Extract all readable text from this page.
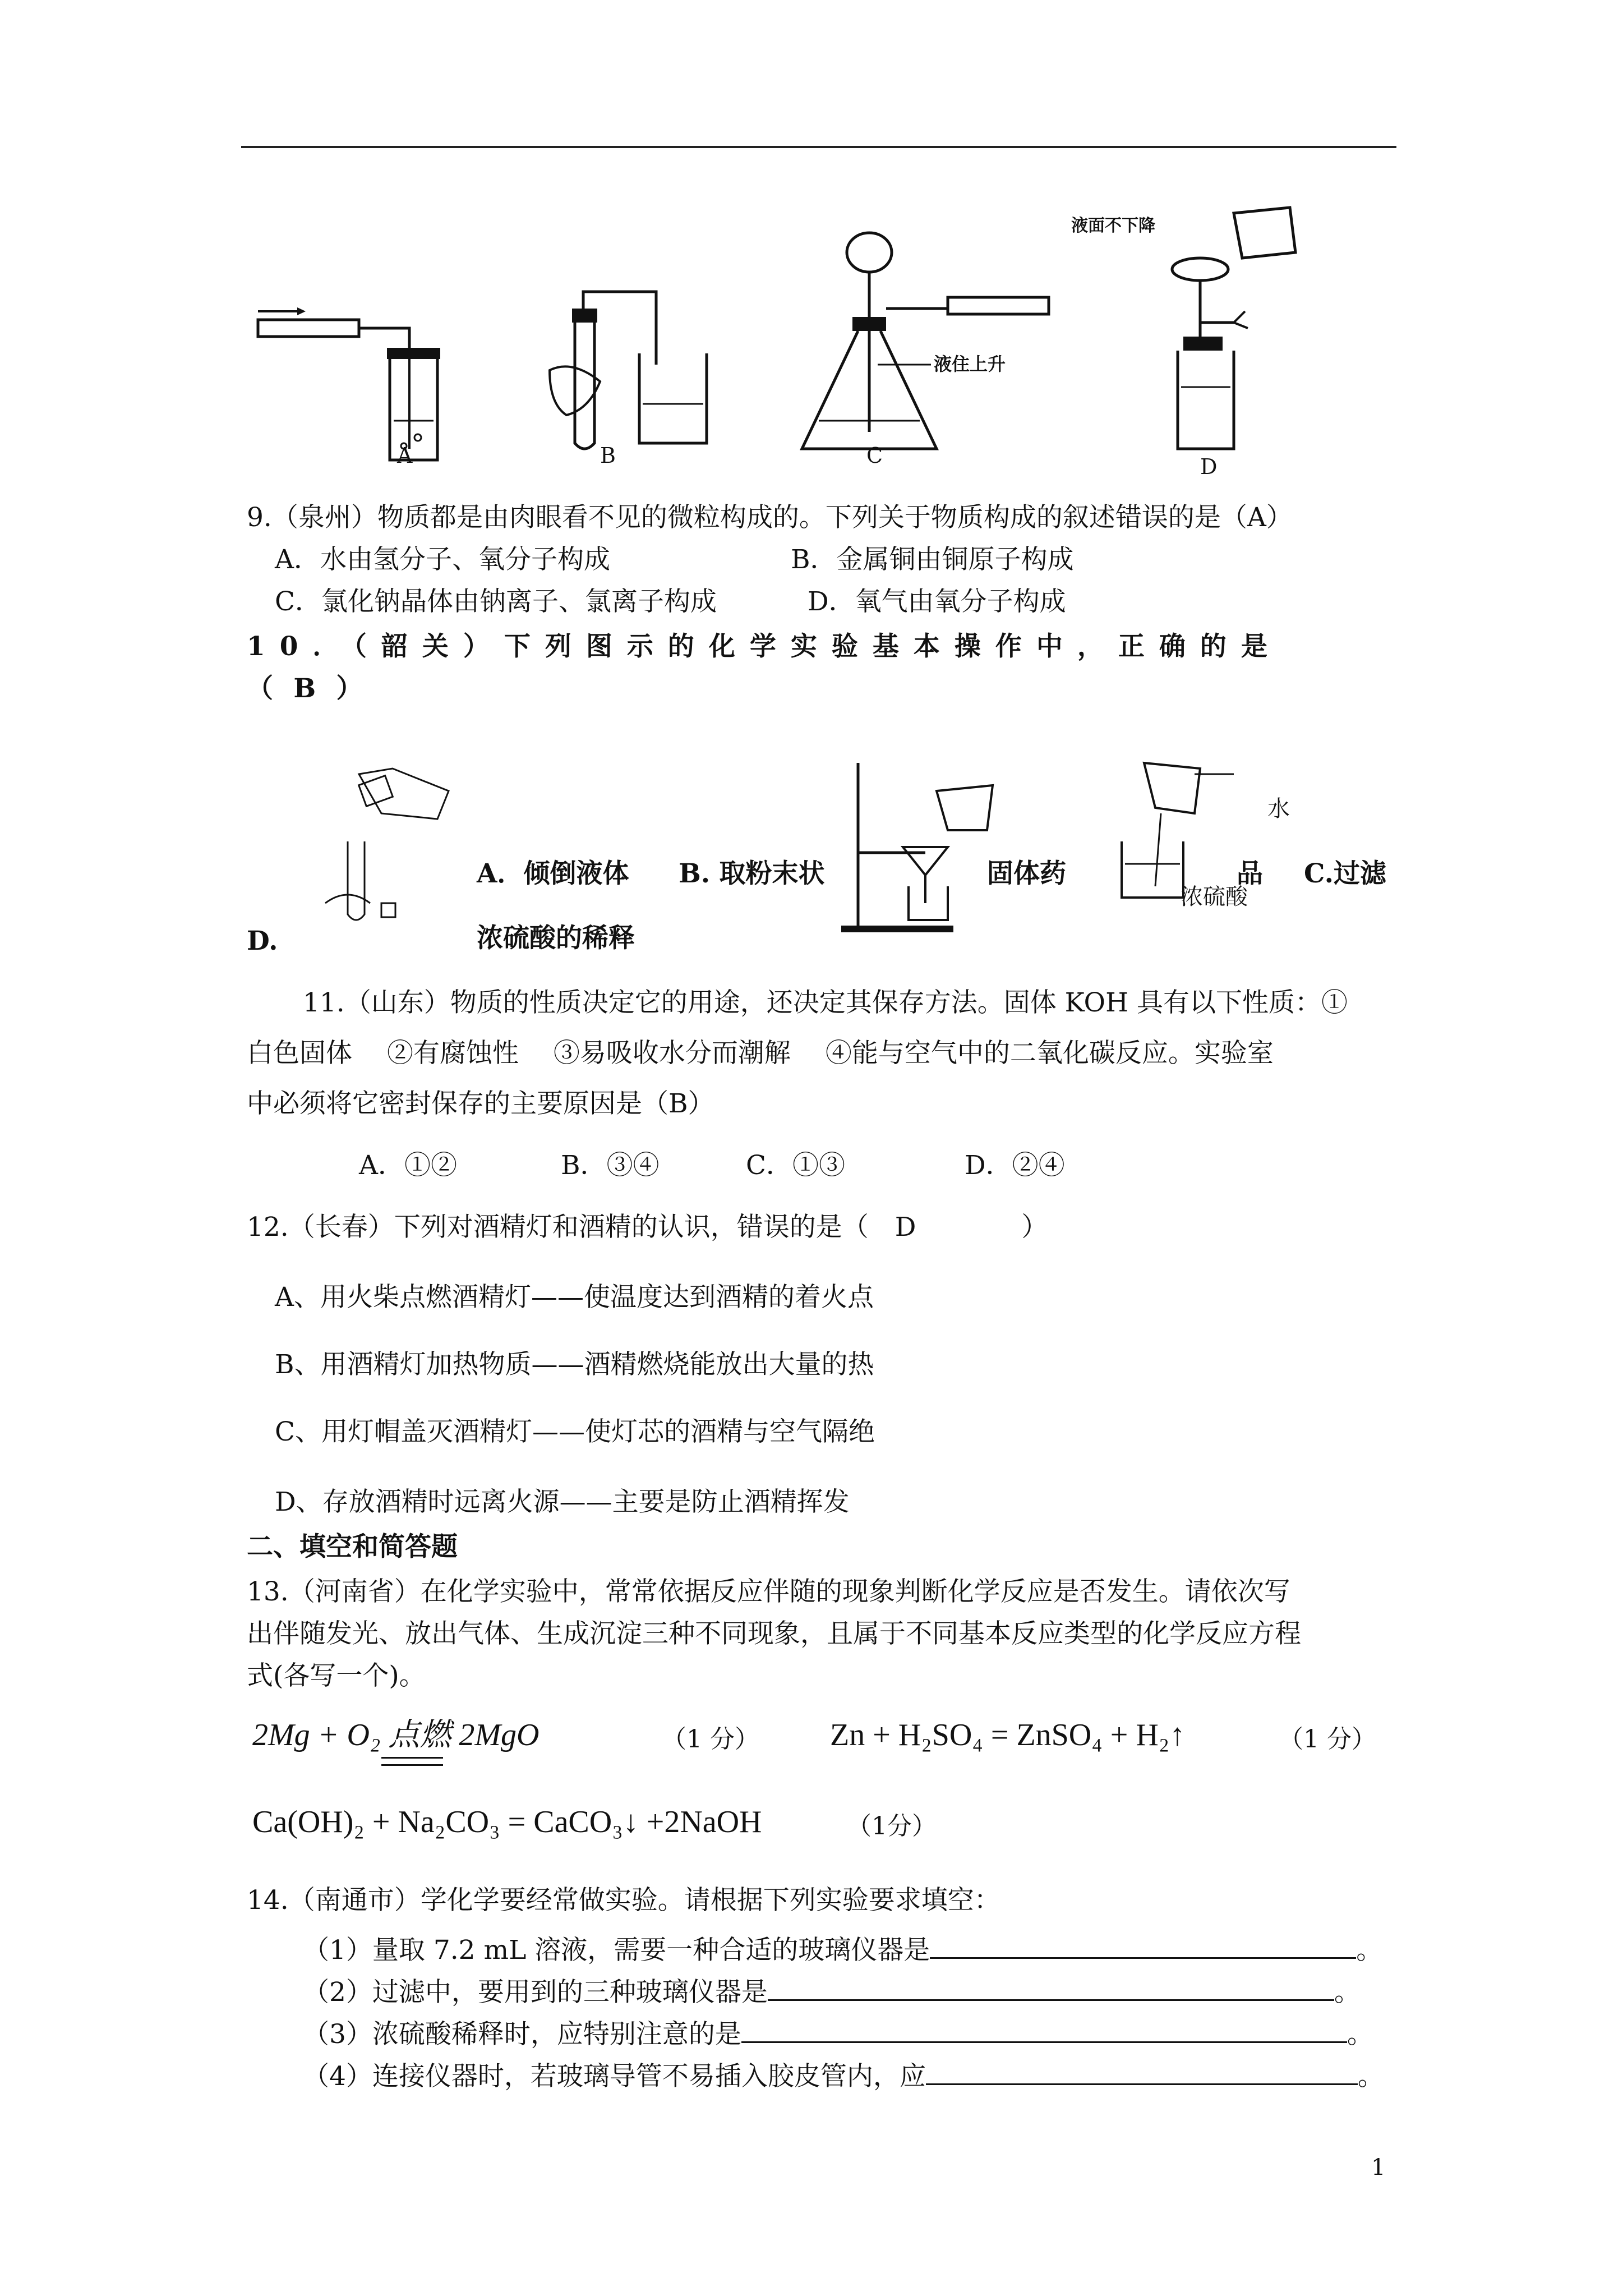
A	B
液住上升
C
液面不下降
D
9.（泉州）物质都是由肉眼看不见的微粒构成的。下列关于物质构成的叙述错误的是（A）
A．水由氢分子、氧分子构成	B．金属铜由铜原子构成
C．氯化钠晶体由钠离子、氯离子构成	D．氧气由氧分子构成
10．（韶关）下列图示的化学实验基本操作中，正确的是
（ B ）
A．倾倒液体 B. 取粉末状	固体药
水
品
浓硫酸
C.过滤
D.	浓硫酸的稀释
11.（山东）物质的性质决定它的用途，还决定其保存方法。固体 KOH 具有以下性质：①
白色固体　 ②有腐蚀性　 ③易吸收水分而潮解　 ④能与空气中的二氧化碳反应。实验室
中必须将它密封保存的主要原因是（B）
A．①②	B．③④	C．①③	D．②④
12.（长春）下列对酒精灯和酒精的认识，错误的是（　D　　　　）
A、用火柴点燃酒精灯——使温度达到酒精的着火点
B、用酒精灯加热物质——酒精燃烧能放出大量的热
C、用灯帽盖灭酒精灯——使灯芯的酒精与空气隔绝
D、存放酒精时远离火源——主要是防止酒精挥发
二、填空和简答题
13.（河南省）在化学实验中，常常依据反应伴随的现象判断化学反应是否发生。请依次写
出伴随发光、放出气体、生成沉淀三种不同现象，且属于不同基本反应类型的化学反应方程
式(各写一个)。
2Mg + O₂ 点燃 2MgO	（1 分） Zn + H₂SO₄ = ZnSO₄ + H₂↑	（1 分）
Ca(OH)₂ + Na₂CO₃ = CaCO₃↓ +2NaOH	（1分）
14.（南通市）学化学要经常做实验。请根据下列实验要求填空：
（1）量取 7.2 mL 溶液，需要一种合适的玻璃仪器是	。
（2）过滤中，要用到的三种玻璃仪器是	。
（3）浓硫酸稀释时，应特别注意的是	。
（4）连接仪器时，若玻璃导管不易插入胶皮管内，应	。
1
